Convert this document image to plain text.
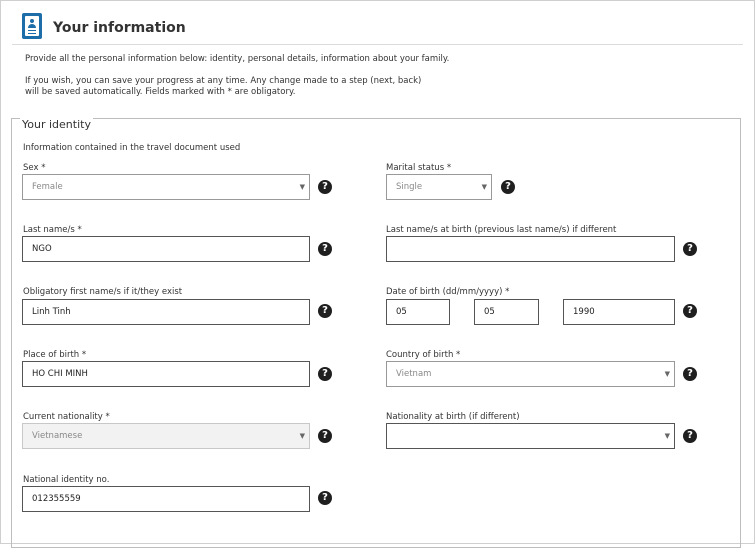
Your information
Provide all the personal information below: identity, personal details, information about your family.
If you wish, you can save your progress at any time. Any change made to a step (next, back)
will be saved automatically. Fields marked with * are obligatory.
Your identity
Information contained in the travel document used
Sex *
Female	▼	?
Marital status *
Single	▼	?
Last name/s *
NGO	?
Last name/s at birth (previous last name/s) if different
?
Obligatory first name/s if it/they exist
Linh Tinh	?
Date of birth (dd/mm/yyyy) *
05	05	1990	?
Place of birth *
HO CHI MINH	?
Country of birth *
Vietnam	▼	?
Current nationality *
Vietnamese	▼	?
Nationality at birth (if different)
▼	?
National identity no.
012355559	?
